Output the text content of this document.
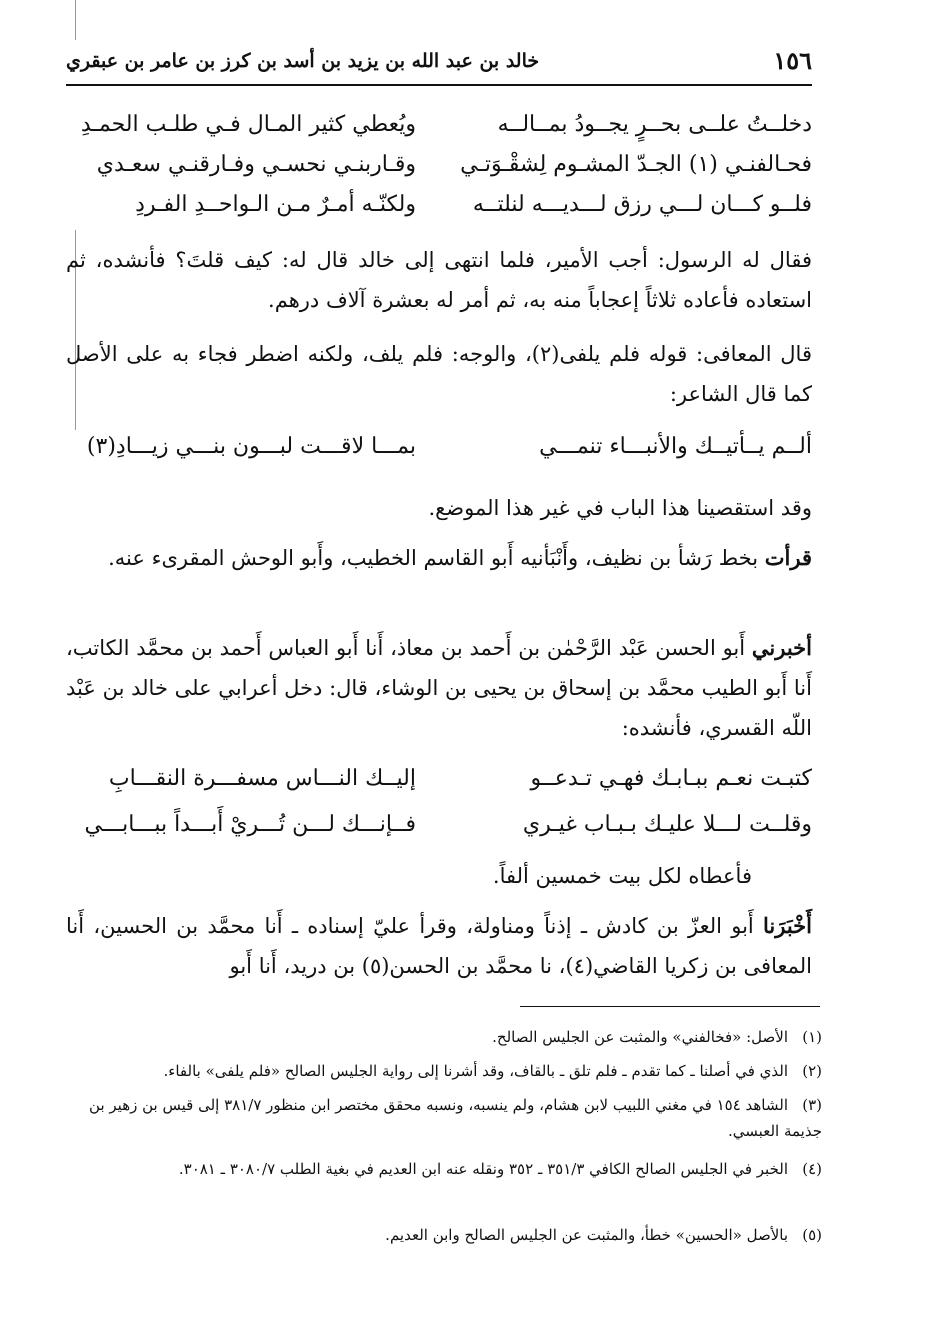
١٥٦
خالد بن عبد الله بن يزيد بن أسد بن كرز بن عامر بن عبقري
دخلــتُ علــى بحــرٍ يجــودُ بمــالــه
ويُعطي كثير المـال فـي طلـب الحمـدِ
فحـالفنـي (١) الجـدّ المشـوم لِشقْـوَتـي
وقـاربنـي نحسـي وفـارقنـي سعـدي
فلــو كـــان لـــي رزق لـــديـــه لنلتــه
ولكنّـه أمـرٌ مـن الـواحــدِ الفـردِ

فقال له الرسول: أجب الأمير، فلما انتهى إلى خالد قال له: كيف قلتَ؟ فأنشده، ثم استعاده فأعاده ثلاثاً إعجاباً منه به، ثم أمر له بعشرة آلاف درهم.

قال المعافى: قوله فلم يلفى(٢)، والوجه: فلم يلف، ولكنه اضطر فجاء به على الأصل كما قال الشاعر:

ألــم يــأتيــك والأنبـــاء تنمـــي
بمـــا لاقـــت لبـــون بنـــي زيـــادِ(٣)

وقد استقصينا هذا الباب في غير هذا الموضع.

قرأت بخط رَشأ بن نظيف، وأَنْبَأنيه أَبو القاسم الخطيب، وأَبو الوحش المقرىء عنه.

أخبرني أَبو الحسن عَبْد الرَّحْمٰن بن أَحمد بن معاذ، أَنا أَبو العباس أَحمد بن محمَّد الكاتب، أَنا أَبو الطيب محمَّد بن إسحاق بن يحيى بن الوشاء، قال: دخل أعرابي على خالد بن عَبْد اللّه القسري، فأنشده:

كتبـت نعـم ببـابـك فهـي تـدعــو
إليــك النـــاس مسفـــرة النقـــابِ
وقلــت لـــلا عليـك بـبـاب غيـري
فــإنـــك لـــن تُـــريْ أَبـــداً ببـــابـــي

فأعطاه لكل بيت خمسين ألفاً.

أَخْبَرَنا أَبو العزّ بن كادش ـ إذناً ومناولة، وقرأ عليّ إسناده ـ أَنا محمَّد بن الحسين، أَنا المعافى بن زكريا القاضي(٤)، نا محمَّد بن الحسن(٥) بن دريد، أَنا أَبو

(١)الأصل: «فخالفني» والمثبت عن الجليس الصالح.
(٢)الذي في أصلنا ـ كما تقدم ـ فلم تلق ـ بالقاف، وقد أشرنا إلى رواية الجليس الصالح «فلم يلفى» بالفاء.
(٣)الشاهد ١٥٤ في مغني اللبيب لابن هشام، ولم ينسبه، ونسبه محقق مختصر ابن منظور ٣٨١/٧ إلى قيس بن زهير بن جذيمة العبسي.
(٤)الخبر في الجليس الصالح الكافي ٣٥١/٣ ـ ٣٥٢ ونقله عنه ابن العديم في بغية الطلب ٣٠٨٠/٧ ـ ٣٠٨١.
(٥)بالأصل «الحسين» خطأ، والمثبت عن الجليس الصالح وابن العديم.
